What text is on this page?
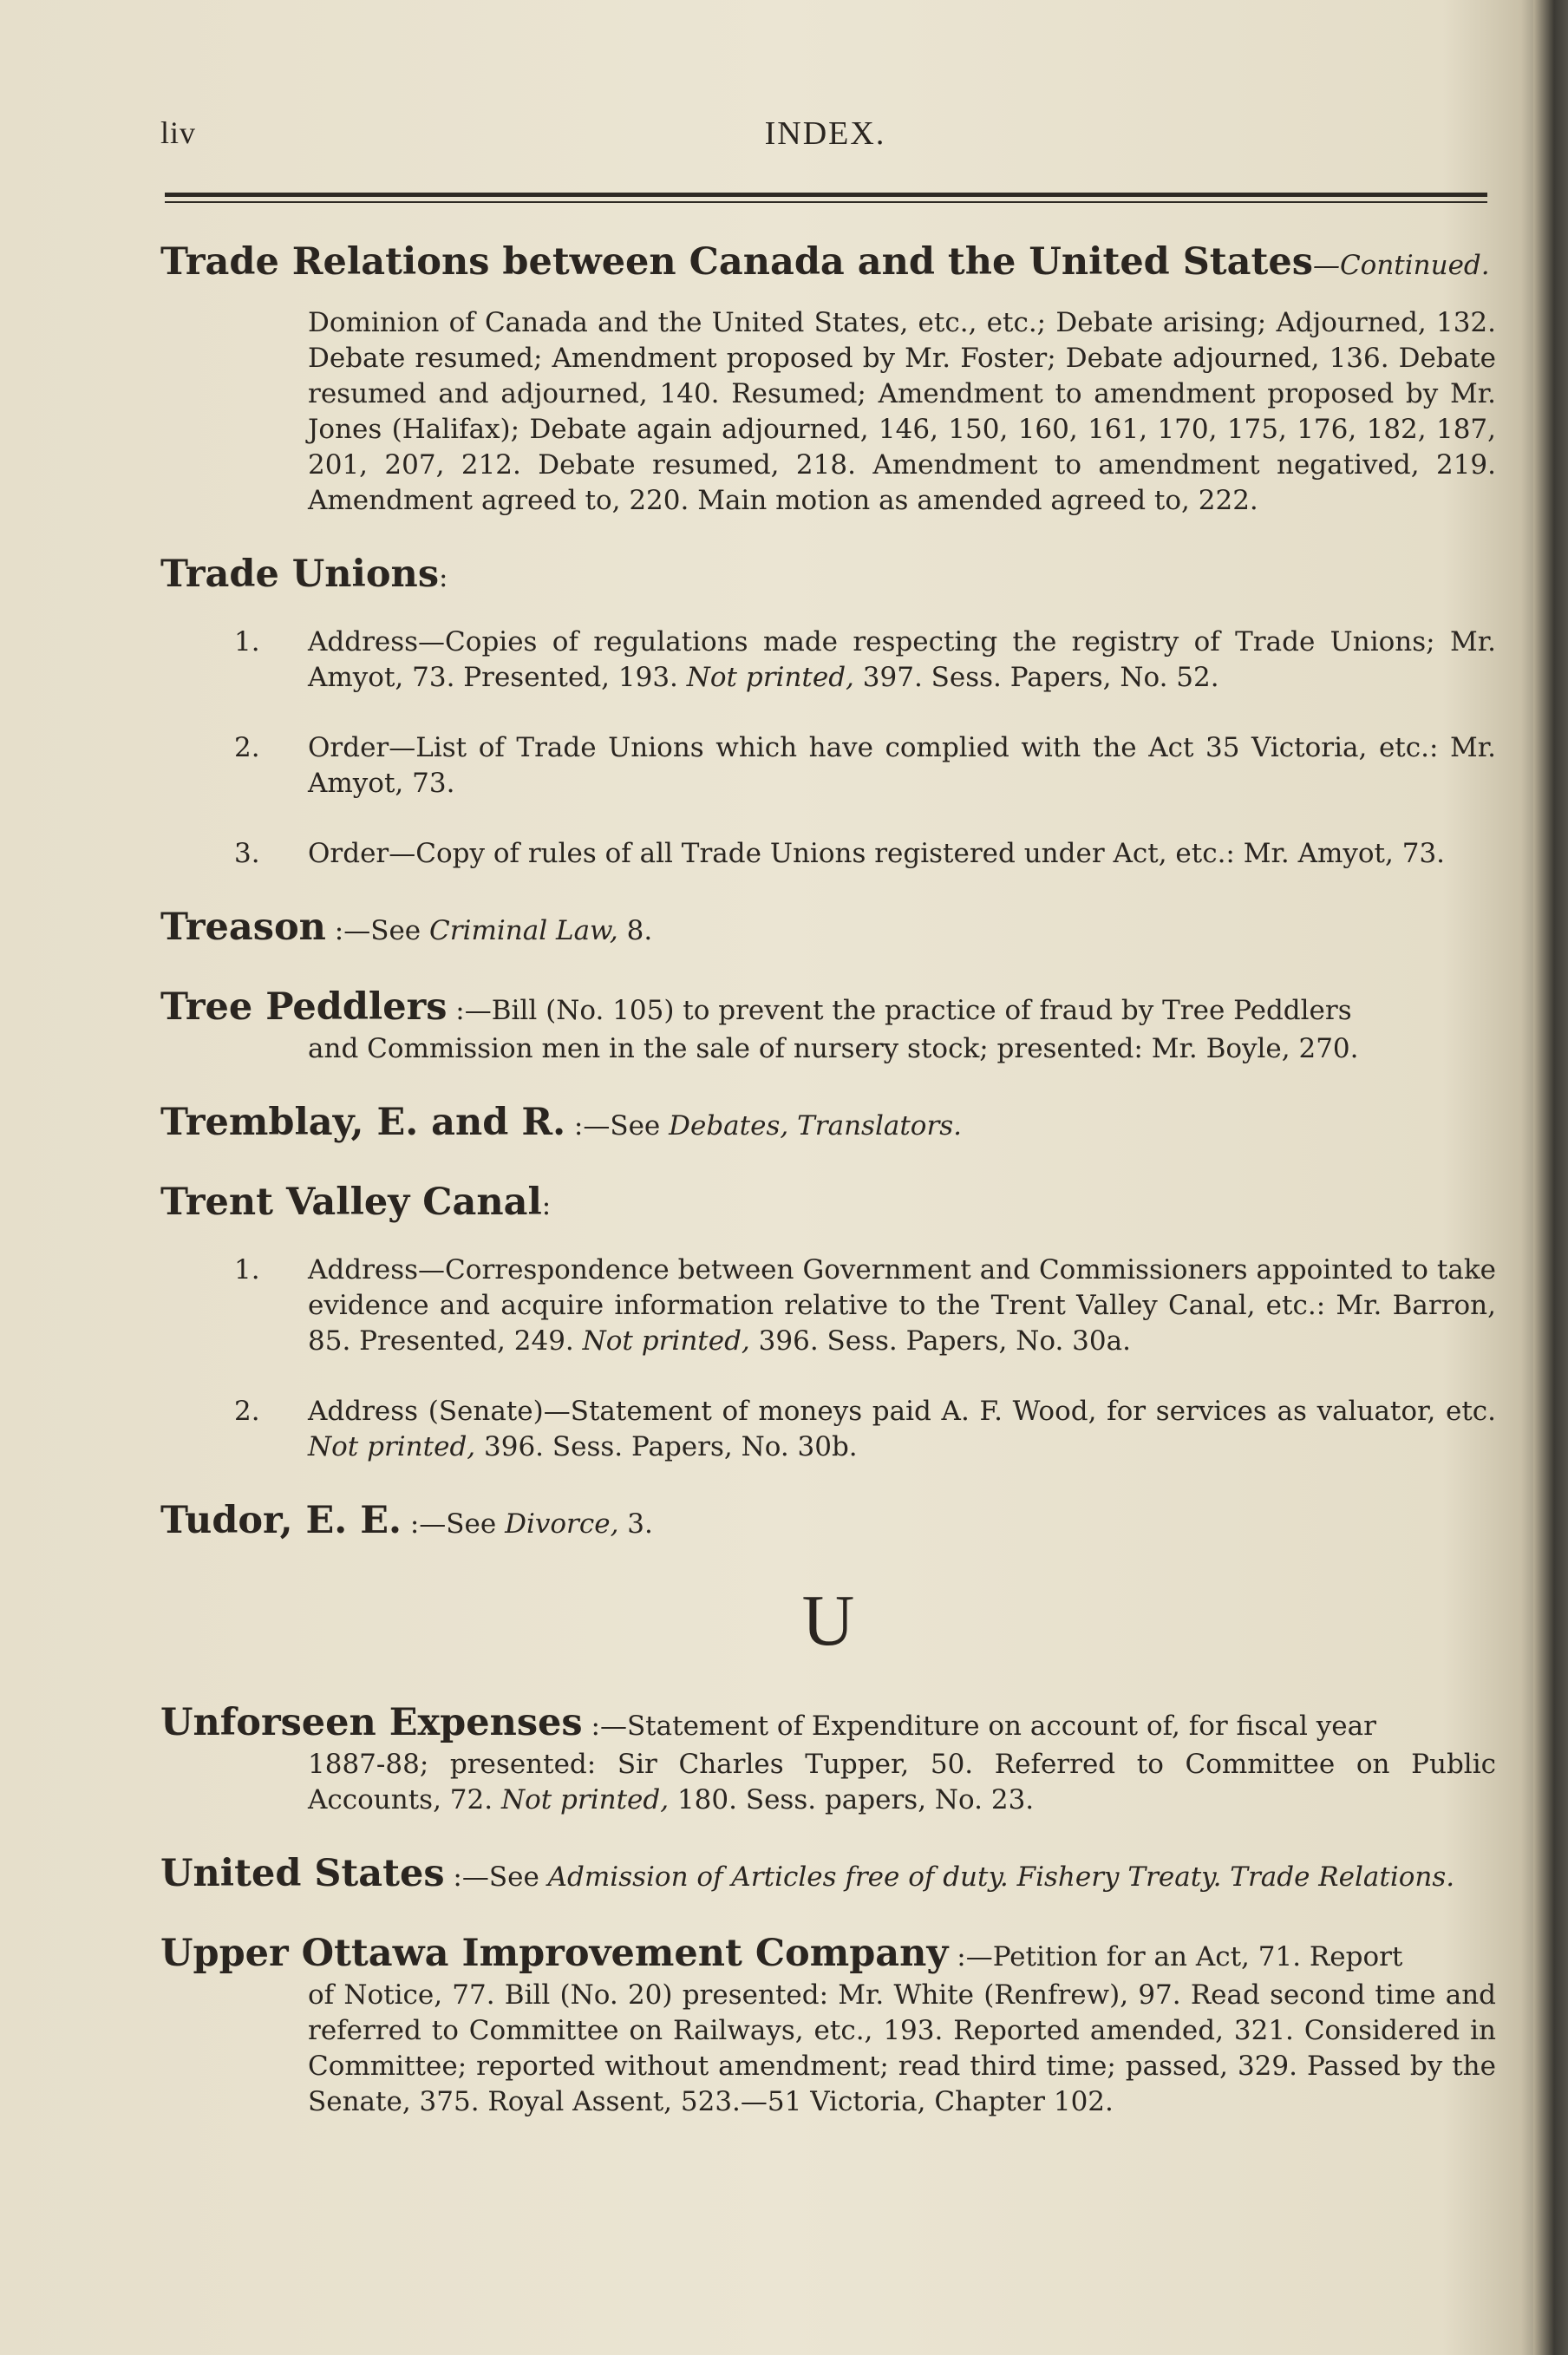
liv	INDEX.
Trade Relations between Canada and the United States—Continued.
Dominion of Canada and the United States, etc., etc.; Debate arising; Adjourned, 132. Debate resumed; Amendment proposed by Mr. Foster; Debate adjourned, 136. Debate resumed and adjourned, 140. Resumed; Amendment to amendment proposed by Mr. Jones (Halifax); Debate again adjourned, 146, 150, 160, 161, 170, 175, 176, 182, 187, 201, 207, 212. Debate resumed, 218. Amendment to amendment negatived, 219. Amendment agreed to, 220. Main motion as amended agreed to, 222.
Trade Unions:
1. Address—Copies of regulations made respecting the registry of Trade Unions; Mr. Amyot, 73. Presented, 193. Not printed, 397. Sess. Papers, No. 52.
2. Order—List of Trade Unions which have complied with the Act 35 Victoria, etc.: Mr. Amyot, 73.
3. Order—Copy of rules of all Trade Unions registered under Act, etc.: Mr. Amyot, 73.
Treason :—See Criminal Law, 8.
Tree Peddlers :—Bill (No. 105) to prevent the practice of fraud by Tree Peddlers
and Commission men in the sale of nursery stock; presented: Mr. Boyle, 270.
Tremblay, E. and R. :—See Debates, Translators.
Trent Valley Canal:
1. Address—Correspondence between Government and Commissioners appointed to take evidence and acquire information relative to the Trent Valley Canal, etc.: Mr. Barron, 85. Presented, 249. Not printed, 396. Sess. Papers, No. 30a.
2. Address (Senate)—Statement of moneys paid A. F. Wood, for services as valuator, etc. Not printed, 396. Sess. Papers, No. 30b.
Tudor, E. E. :—See Divorce, 3.
U
Unforseen Expenses :—Statement of Expenditure on account of, for fiscal year
1887-88; presented: Sir Charles Tupper, 50. Referred to Committee on Public Accounts, 72. Not printed, 180. Sess. papers, No. 23.
United States :—See Admission of Articles free of duty. Fishery Treaty. Trade Relations.
Upper Ottawa Improvement Company :—Petition for an Act, 71. Report
of Notice, 77. Bill (No. 20) presented: Mr. White (Renfrew), 97. Read second time and referred to Committee on Railways, etc., 193. Reported amended, 321. Considered in Committee; reported without amendment; read third time; passed, 329. Passed by the Senate, 375. Royal Assent, 523.—51 Victoria, Chapter 102.
